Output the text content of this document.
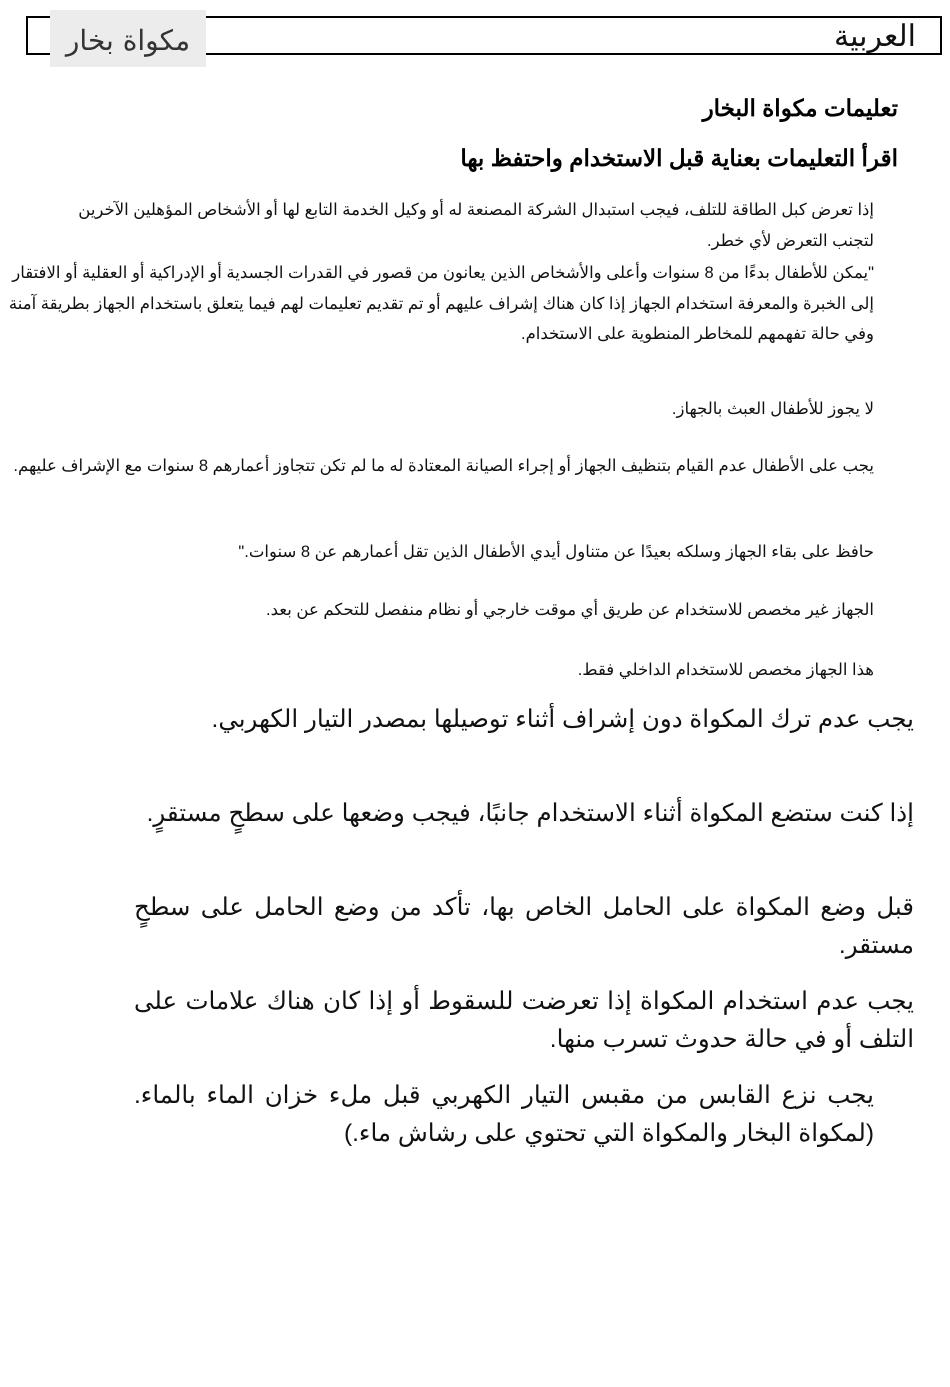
العربية
مكواة بخار
تعليمات مكواة البخار
اقرأ التعليمات بعناية قبل الاستخدام واحتفظ بها
إذا تعرض كبل الطاقة للتلف، فيجب استبدال الشركة المصنعة له أو وكيل الخدمة التابع لها أو الأشخاص المؤهلين الآخرين لتجنب التعرض لأي خطر.
"يمكن للأطفال بدءًا من 8 سنوات وأعلى والأشخاص الذين يعانون من قصور في القدرات الجسدية أو الإدراكية أو العقلية أو الافتقار إلى الخبرة والمعرفة استخدام الجهاز إذا كان هناك إشراف عليهم أو تم تقديم تعليمات لهم فيما يتعلق باستخدام الجهاز بطريقة آمنة وفي حالة تفهمهم للمخاطر المنطوية على الاستخدام.
لا يجوز للأطفال العبث بالجهاز.
يجب على الأطفال عدم القيام بتنظيف الجهاز أو إجراء الصيانة المعتادة له ما لم تكن تتجاوز أعمارهم 8 سنوات مع الإشراف عليهم.
حافظ على بقاء الجهاز وسلكه بعيدًا عن متناول أيدي الأطفال الذين تقل أعمارهم عن 8 سنوات."
الجهاز غير مخصص للاستخدام عن طريق أي موقت خارجي أو نظام منفصل للتحكم عن بعد.
هذا الجهاز مخصص للاستخدام الداخلي فقط.
يجب عدم ترك المكواة دون إشراف أثناء توصيلها بمصدر التيار الكهربي.
إذا كنت ستضع المكواة أثناء الاستخدام جانبًا، فيجب وضعها على سطحٍ مستقرٍ.
قبل وضع المكواة على الحامل الخاص بها، تأكد من وضع الحامل على سطحٍ مستقر.
يجب عدم استخدام المكواة إذا تعرضت للسقوط أو إذا كان هناك علامات على التلف أو في حالة حدوث تسرب منها.
يجب نزع القابس من مقبس التيار الكهربي قبل ملء خزان الماء بالماء. (لمكواة البخار والمكواة التي تحتوي على رشاش ماء.)
